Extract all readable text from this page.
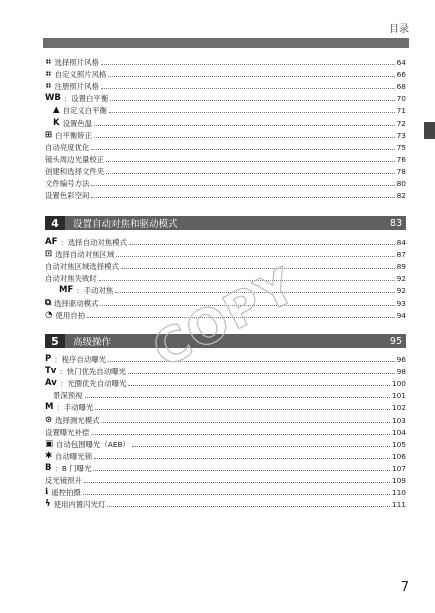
目录
⠶ 选择照片风格	64
⠶ 自定义照片风格	66
⠶ 注册照片风格	68
WB ：设置白平衡	70
▲ 自定义白平衡	71
K 设置色温	72
⊞ 白平衡矫正	73
自动亮度优化	75
镜头周边光量校正	76
创建和选择文件夹	78
文件编号方法	80
设置色彩空间	82
4	设置自动对焦和驱动模式	83
AF ：选择自动对焦模式	84
⊡ 选择自动对焦区域	87
自动对焦区域选择模式	89
自动对焦失败时	92
MF ：手动对焦	92
⧉ 选择驱动模式	93
◔ 使用自拍	94
5	高级操作	95
P ：程序自动曝光	96
Tv ：快门优先自动曝光	98
Av ：光圈优先自动曝光	100
景深预视	101
M ：手动曝光	102
⊙ 选择测光模式	103
设置曝光补偿	104
▣ 自动包围曝光（AEB）	105
✱ 自动曝光锁	106
B ：B 门曝光	107
反光镜预升	109
ℹ 遥控拍摄	110
ϟ 使用内置闪光灯	111
COPY
7
